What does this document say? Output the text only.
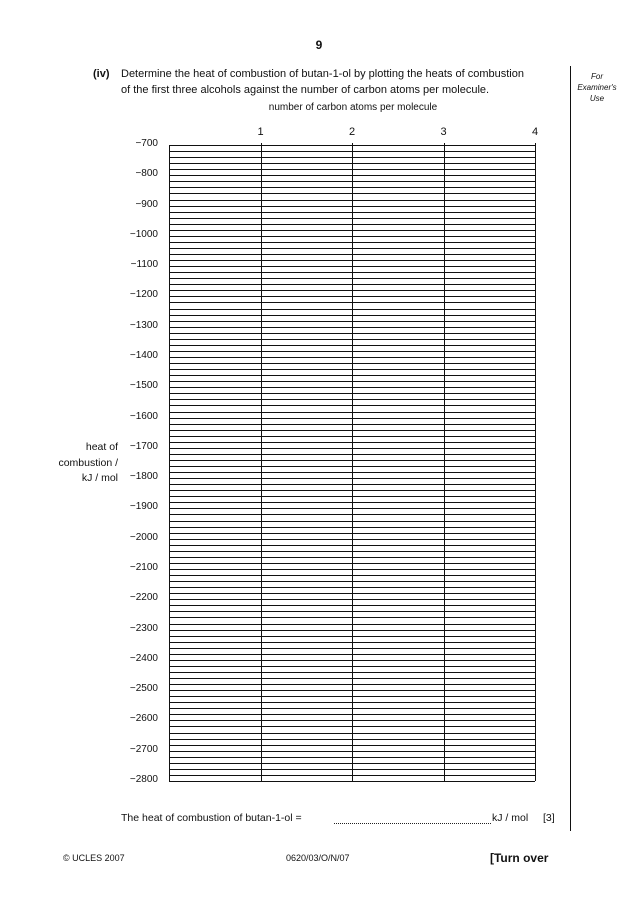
9

(iv) Determine the heat of combustion of butan-1-ol by plotting the heats of combustion

of the first three alcohols against the number of carbon atoms per molecule.

For

Examiner's

Use

number of carbon atoms per molecule

1	2	3	4

−700

−800

−900

−1000

−1100

−1200

−1300

−1400

−1500

−1600

−1700

−1800

−1900

−2000

−2100

−2200

−2300

−2400

−2500

−2600

−2700

−2800

heat of

combustion /

kJ / mol

The heat of combustion of butan-1-ol =	kJ / mol [3]

© UCLES 2007	0620/03/O/N/07	[Turn over
